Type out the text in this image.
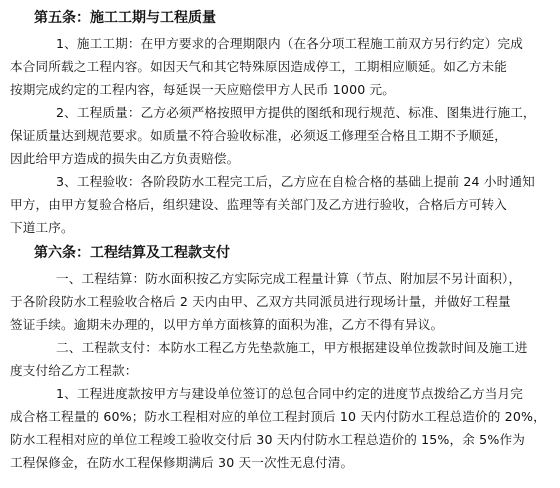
第五条：施工工期与工程质量
1、施工工期：在甲方要求的合理期限内（在各分项工程施工前双方另行约定）完成
本合同所载之工程内容。如因天气和其它特殊原因造成停工，工期相应顺延。如乙方未能
按期完成约定的工程内容，每延误一天应赔偿甲方人民币 1000 元。
2、工程质量：乙方必须严格按照甲方提供的图纸和现行规范、标准、图集进行施工，
保证质量达到规范要求。如质量不符合验收标准，必须返工修理至合格且工期不予顺延，
因此给甲方造成的损失由乙方负责赔偿。
3、工程验收：各阶段防水工程完工后，乙方应在自检合格的基础上提前 24 小时通知
甲方，由甲方复验合格后，组织建设、监理等有关部门及乙方进行验收，合格后方可转入
下道工序。
第六条：工程结算及工程款支付
一、工程结算：防水面积按乙方实际完成工程量计算（节点、附加层不另计面积），
于各阶段防水工程验收合格后 2 天内由甲、乙双方共同派员进行现场计量，并做好工程量
签证手续。逾期未办理的，以甲方单方面核算的面积为准，乙方不得有异议。
二、工程款支付：本防水工程乙方先垫款施工，甲方根据建设单位拨款时间及施工进
度支付给乙方工程款：
1、工程进度款按甲方与建设单位签订的总包合同中约定的进度节点拨给乙方当月完
成合格工程量的 60%；防水工程相对应的单位工程封顶后 10 天内付防水工程总造价的 20%，
防水工程相对应的单位工程竣工验收交付后 30 天内付防水工程总造价的 15%，余 5%作为
工程保修金，在防水工程保修期满后 30 天一次性无息付清。
